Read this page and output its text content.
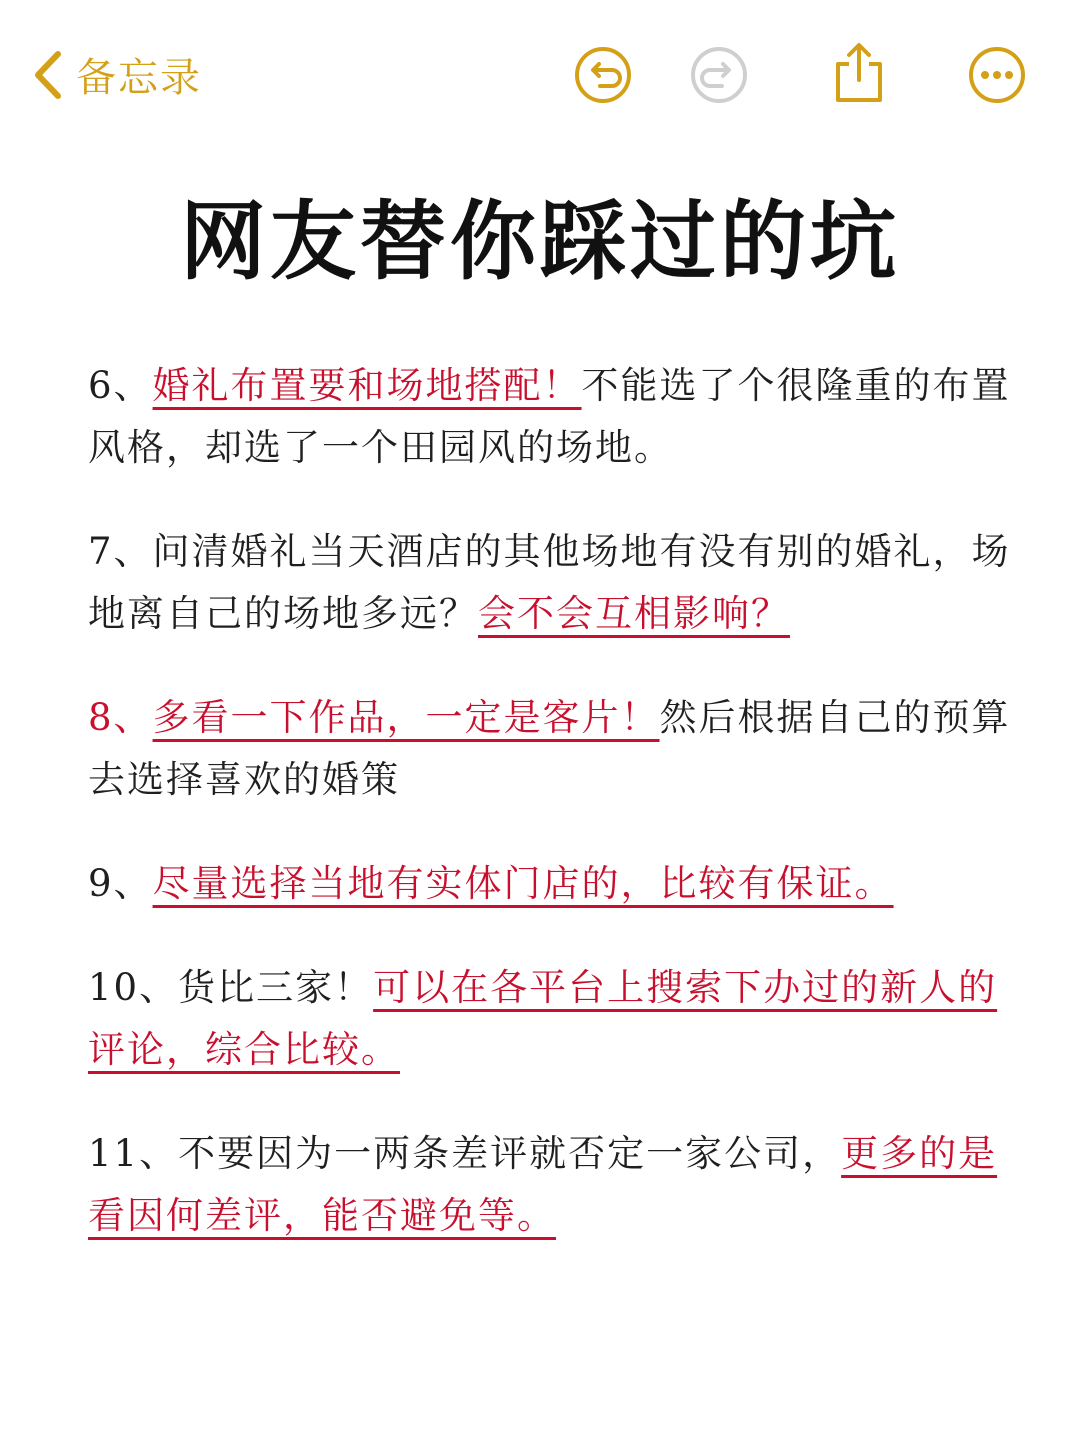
备忘录
网友替你踩过的坑

6、婚礼布置要和场地搭配！不能选了个很隆重的布置风格，却选了一个田园风的场地。

7、问清婚礼当天酒店的其他场地有没有别的婚礼，场地离自己的场地多远？会不会互相影响？

8、多看一下作品，一定是客片！然后根据自己的预算去选择喜欢的婚策

9、尽量选择当地有实体门店的，比较有保证。

10、货比三家！可以在各平台上搜索下办过的新人的评论，综合比较。

11、不要因为一两条差评就否定一家公司，更多的是看因何差评，能否避免等。
